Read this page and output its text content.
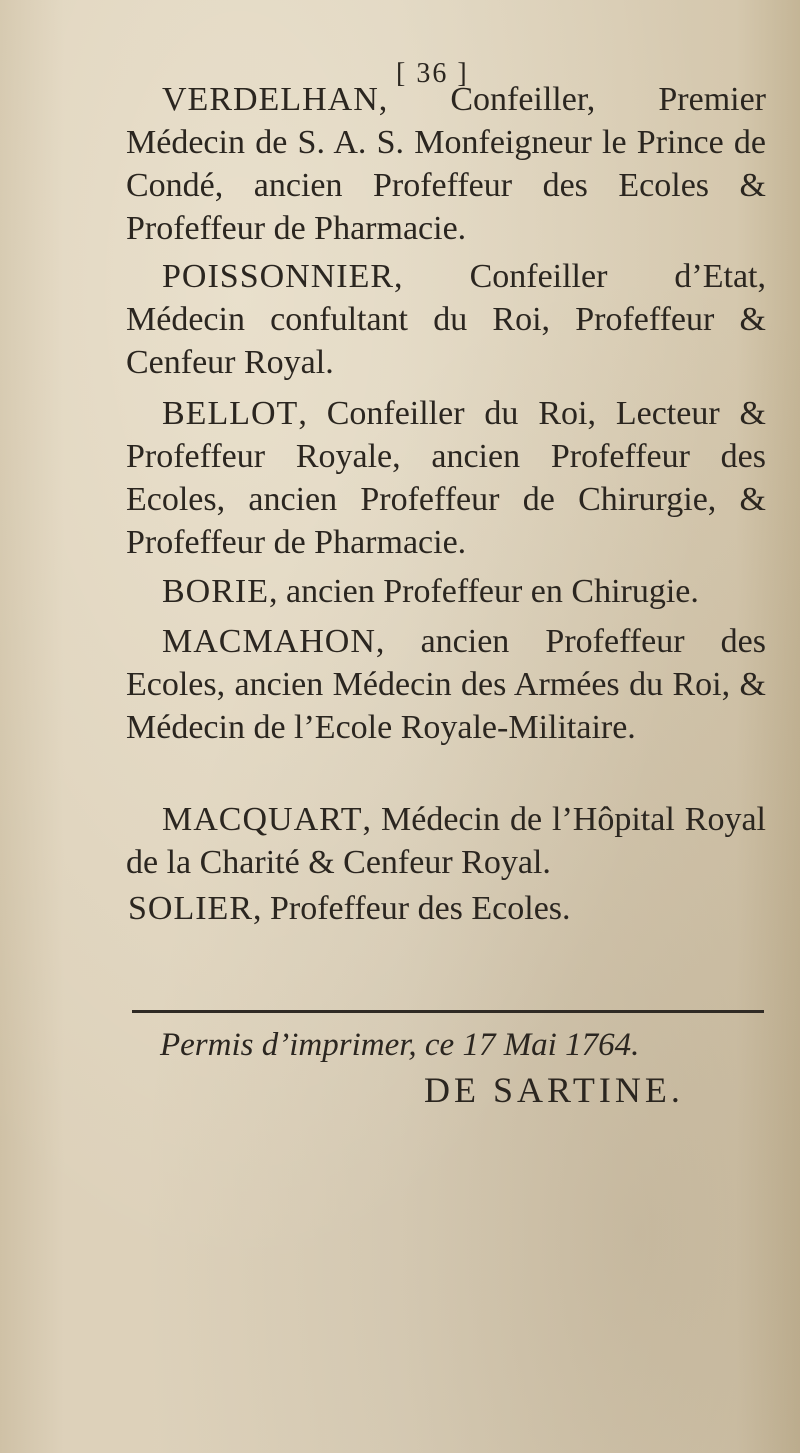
[ 36 ]

VERDELHAN, Confeiller, Premier Médecin de S. A. S. Monfeigneur le Prince de Condé, ancien Profeffeur des Ecoles & Profeffeur de Pharmacie.

POISSONNIER, Confeiller d’Etat, Médecin confultant du Roi, Profeffeur & Cenfeur Royal.

BELLOT, Confeiller du Roi, Lecteur & Profeffeur Royale, ancien Profeffeur des Ecoles, ancien Profeffeur de Chirurgie, & Profeffeur de Pharmacie.

BORIE, ancien Profeffeur en Chirugie.

MACMAHON, ancien Profeffeur des Ecoles, ancien Médecin des Armées du Roi, & Médecin de l’Ecole Royale-Militaire.

MACQUART, Médecin de l’Hôpital Royal de la Charité & Cenfeur Royal.

SOLIER, Profeffeur des Ecoles.

Permis d’imprimer, ce 17 Mai 1764.
DE SARTINE.
